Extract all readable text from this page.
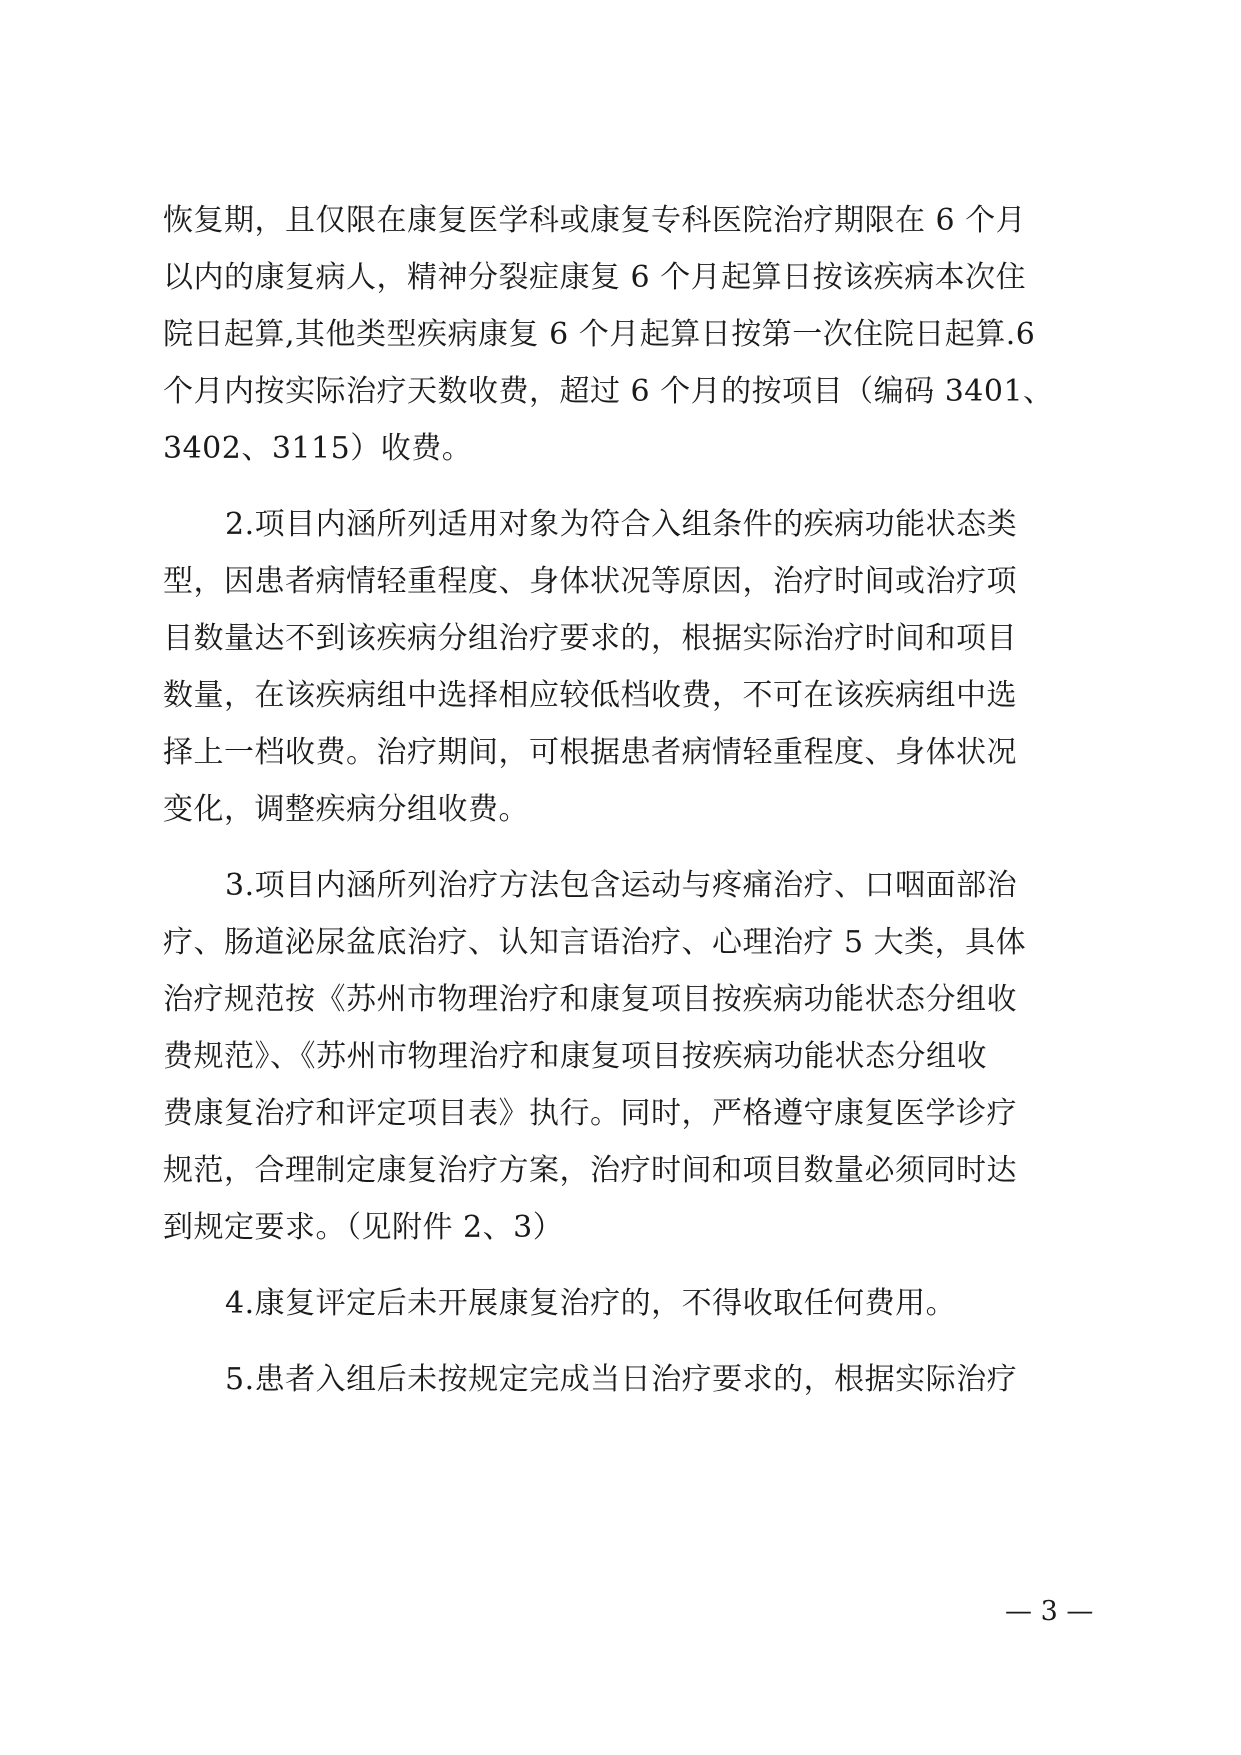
恢复期，且仅限在康复医学科或康复专科医院治疗期限在 6 个月
以内的康复病人，精神分裂症康复 6 个月起算日按该疾病本次住
院日起算,其他类型疾病康复 6 个月起算日按第一次住院日起算.6
个月内按实际治疗天数收费，超过 6 个月的按项目（编码 3401、
3402、3115）收费。
2.项目内涵所列适用对象为符合入组条件的疾病功能状态类
型，因患者病情轻重程度、身体状况等原因，治疗时间或治疗项
目数量达不到该疾病分组治疗要求的，根据实际治疗时间和项目
数量，在该疾病组中选择相应较低档收费，不可在该疾病组中选
择上一档收费。治疗期间，可根据患者病情轻重程度、身体状况
变化，调整疾病分组收费。
3.项目内涵所列治疗方法包含运动与疼痛治疗、口咽面部治
疗、肠道泌尿盆底治疗、认知言语治疗、心理治疗 5 大类，具体
治疗规范按《苏州市物理治疗和康复项目按疾病功能状态分组收
费规范》、《苏州市物理治疗和康复项目按疾病功能状态分组收
费康复治疗和评定项目表》执行。同时，严格遵守康复医学诊疗
规范，合理制定康复治疗方案，治疗时间和项目数量必须同时达
到规定要求。（见附件 2、3）
4.康复评定后未开展康复治疗的，不得收取任何费用。
5.患者入组后未按规定完成当日治疗要求的，根据实际治疗
— 3 —
